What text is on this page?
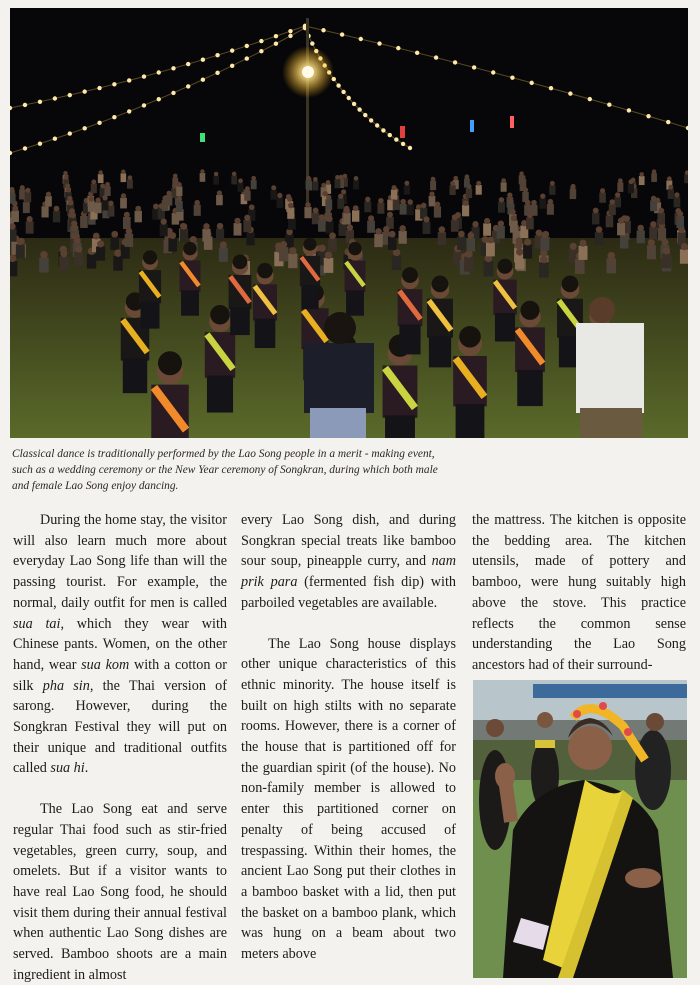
Classical dance is traditionally performed by the Lao Song people in a merit - making event, such as a wedding ceremony or the New Year ceremony of Songkran, during which both male and female Lao Song enjoy dancing.

During the home stay, the visitor will also learn much more about everyday Lao Song life than will the passing tourist. For example, the normal, daily outfit for men is called sua tai, which they wear with Chinese pants. Women, on the other hand, wear sua kom with a cotton or silk pha sin, the Thai version of sarong. However, during the Songkran Festival they will put on their unique and traditional outfits called sua hi.

The Lao Song eat and serve regular Thai food such as stir-fried vegetables, green curry, soup, and omelets. But if a visitor wants to have real Lao Song food, he should visit them during their annual festival when authentic Lao Song dishes are served. Bamboo shoots are a main ingredient in almost

every Lao Song dish, and during Songkran special treats like bamboo sour soup, pineapple curry, and nam prik para (fermented fish dip) with parboiled vegetables are available.

The Lao Song house displays other unique characteristics of this ethnic minority. The house itself is built on high stilts with no separate rooms. However, there is a corner of the house that is partitioned off for the guardian spirit (of the house). No non-family member is allowed to enter this partitioned corner on penalty of being accused of trespassing. Within their homes, the ancient Lao Song put their clothes in a bamboo basket with a lid, then put the basket on a bamboo plank, which was hung on a beam about two meters above

the mattress. The kitchen is opposite the bedding area. The kitchen utensils, made of pottery and bamboo, were hung suitably high above the stove. This practice reflects the common sense understanding the Lao Song ancestors had of their surround-
